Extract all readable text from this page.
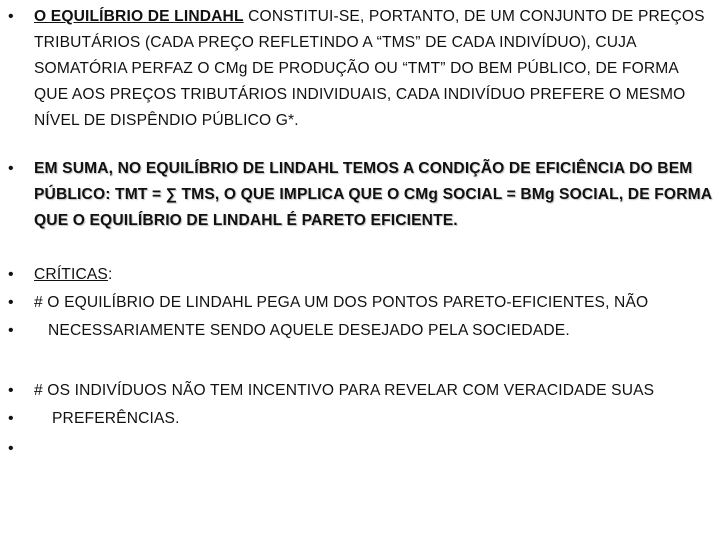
•	O EQUILÍBRIO DE LINDAHL CONSTITUI-SE, PORTANTO, DE UM CONJUNTO DE PREÇOS TRIBUTÁRIOS (CADA PREÇO REFLETINDO A “TMS” DE CADA INDIVÍDUO), CUJA SOMATÓRIA PERFAZ O CMg DE PRODUÇÃO OU “TMT” DO BEM PÚBLICO, DE FORMA QUE AOS PREÇOS TRIBUTÁRIOS INDIVIDUAIS, CADA INDIVÍDUO PREFERE O MESMO NÍVEL DE DISPÊNDIO PÚBLICO G*.
•	EM SUMA, NO EQUILÍBRIO DE LINDAHL TEMOS A CONDIÇÃO DE EFICIÊNCIA DO BEM PÚBLICO: TMT = ∑ TMS, O QUE IMPLICA QUE O CMg SOCIAL = BMg SOCIAL, DE FORMA QUE O EQUILÍBRIO DE LINDAHL É PARETO EFICIENTE.
•	CRÍTICAS:
•	# O EQUILÍBRIO DE LINDAHL PEGA UM DOS PONTOS PARETO-EFICIENTES, NÃO
•	NECESSARIAMENTE SENDO AQUELE DESEJADO PELA SOCIEDADE.
•	# OS INDIVÍDUOS NÃO TEM INCENTIVO PARA REVELAR COM VERACIDADE SUAS
•	PREFERÊNCIAS.
•
